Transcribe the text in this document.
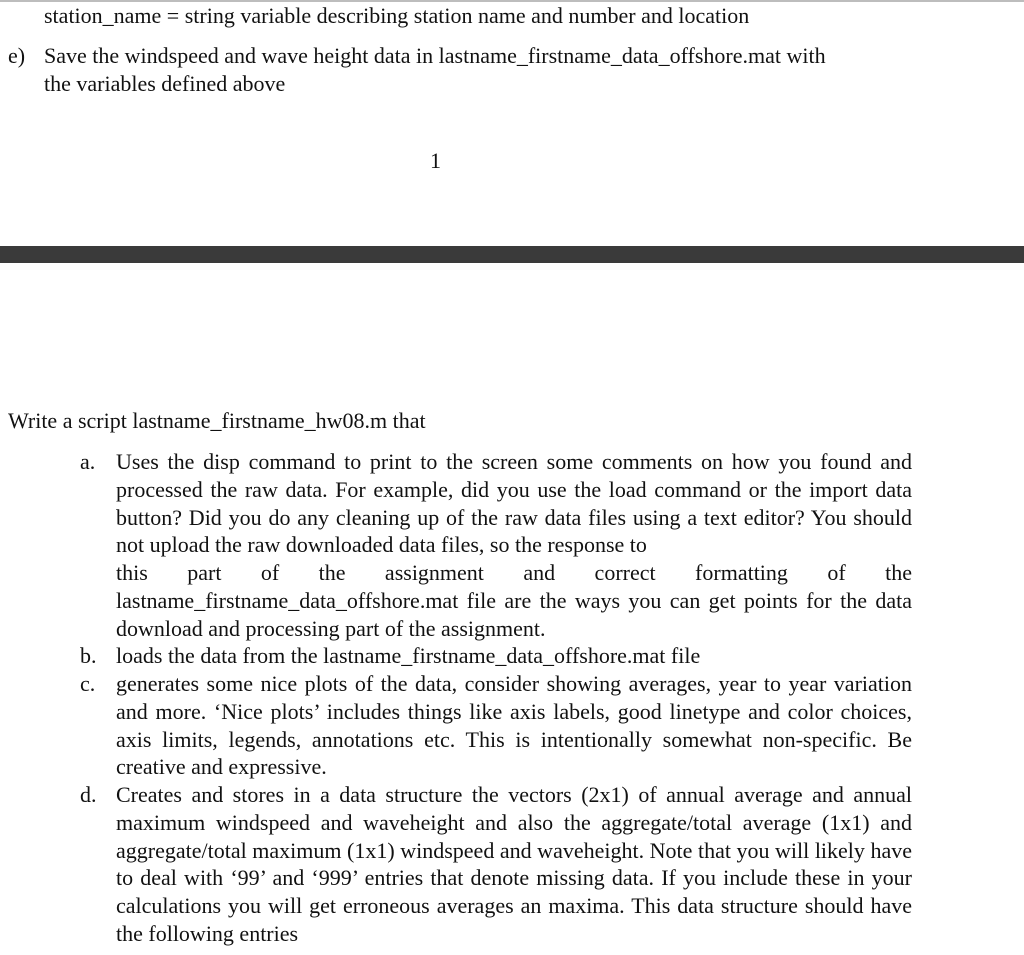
station_name = string variable describing station name and number and location
e) Save the windspeed and wave height data in lastname_firstname_data_offshore.mat with
the variables defined above
1
Write a script lastname_firstname_hw08.m that
a. Uses the disp command to print to the screen some comments on how you found and processed the raw data. For example, did you use the load command or the import data button? Did you do any cleaning up of the raw data files using a text editor? You should not upload the raw downloaded data files, so the response to
this part of the assignment and correct formatting of the
lastname_firstname_data_offshore.mat file are the ways you can get points for the data download and processing part of the assignment.
b. loads the data from the lastname_firstname_data_offshore.mat file
c. generates some nice plots of the data, consider showing averages, year to year variation and more. ‘Nice plots’ includes things like axis labels, good linetype and color choices, axis limits, legends, annotations etc. This is intentionally somewhat non-specific. Be creative and expressive.
d. Creates and stores in a data structure the vectors (2x1) of annual average and annual maximum windspeed and waveheight and also the aggregate/total average (1x1) and aggregate/total maximum (1x1) windspeed and waveheight. Note that you will likely have to deal with ‘99’ and ‘999’ entries that denote missing data. If you include these in your calculations you will get erroneous averages an maxima. This data structure should have the following entries
